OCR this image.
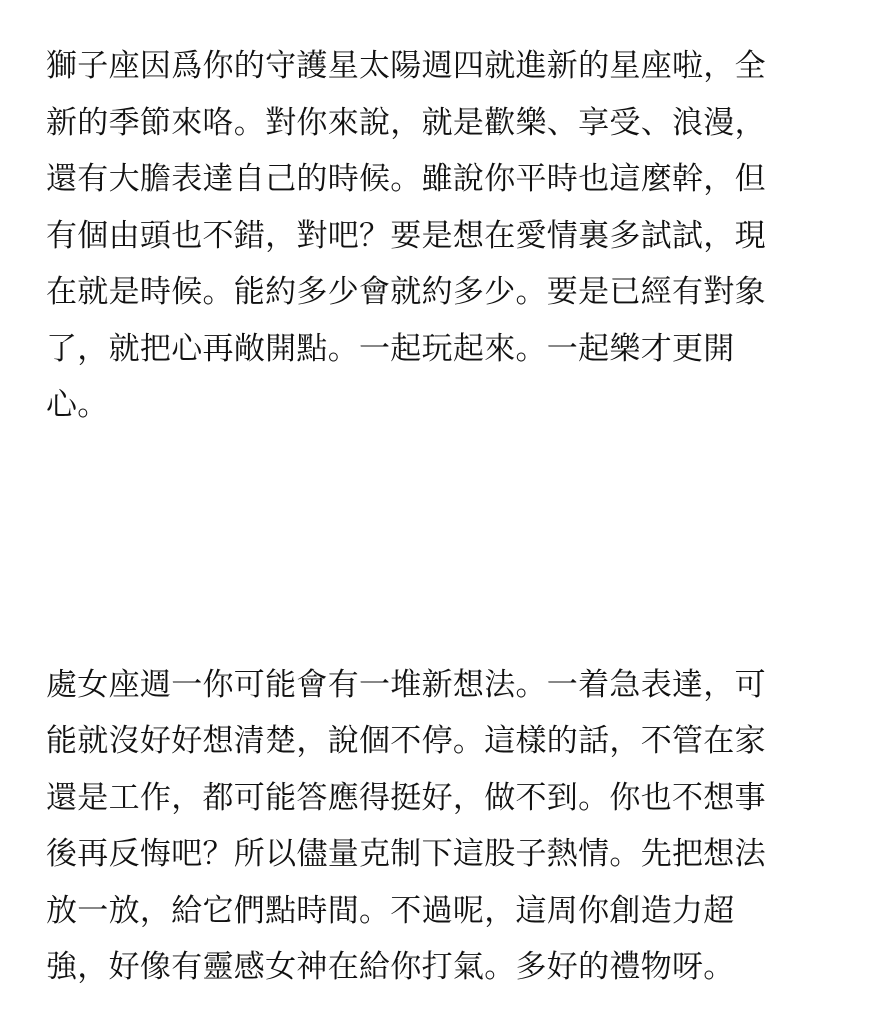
獅子座因爲你的守護星太陽週四就進新的星座啦，全
新的季節來咯。對你來說，就是歡樂、享受、浪漫，
還有大膽表達自己的時候。雖說你平時也這麼幹，但
有個由頭也不錯，對吧？要是想在愛情裏多試試，現
在就是時候。能約多少會就約多少。要是已經有對象
了，就把心再敞開點。一起玩起來。一起樂才更開
心。

處女座週一你可能會有一堆新想法。一着急表達，可
能就沒好好想清楚，說個不停。這樣的話，不管在家
還是工作，都可能答應得挺好，做不到。你也不想事
後再反悔吧？所以儘量克制下這股子熱情。先把想法
放一放，給它們點時間。不過呢，這周你創造力超
強，好像有靈感女神在給你打氣。多好的禮物呀。
